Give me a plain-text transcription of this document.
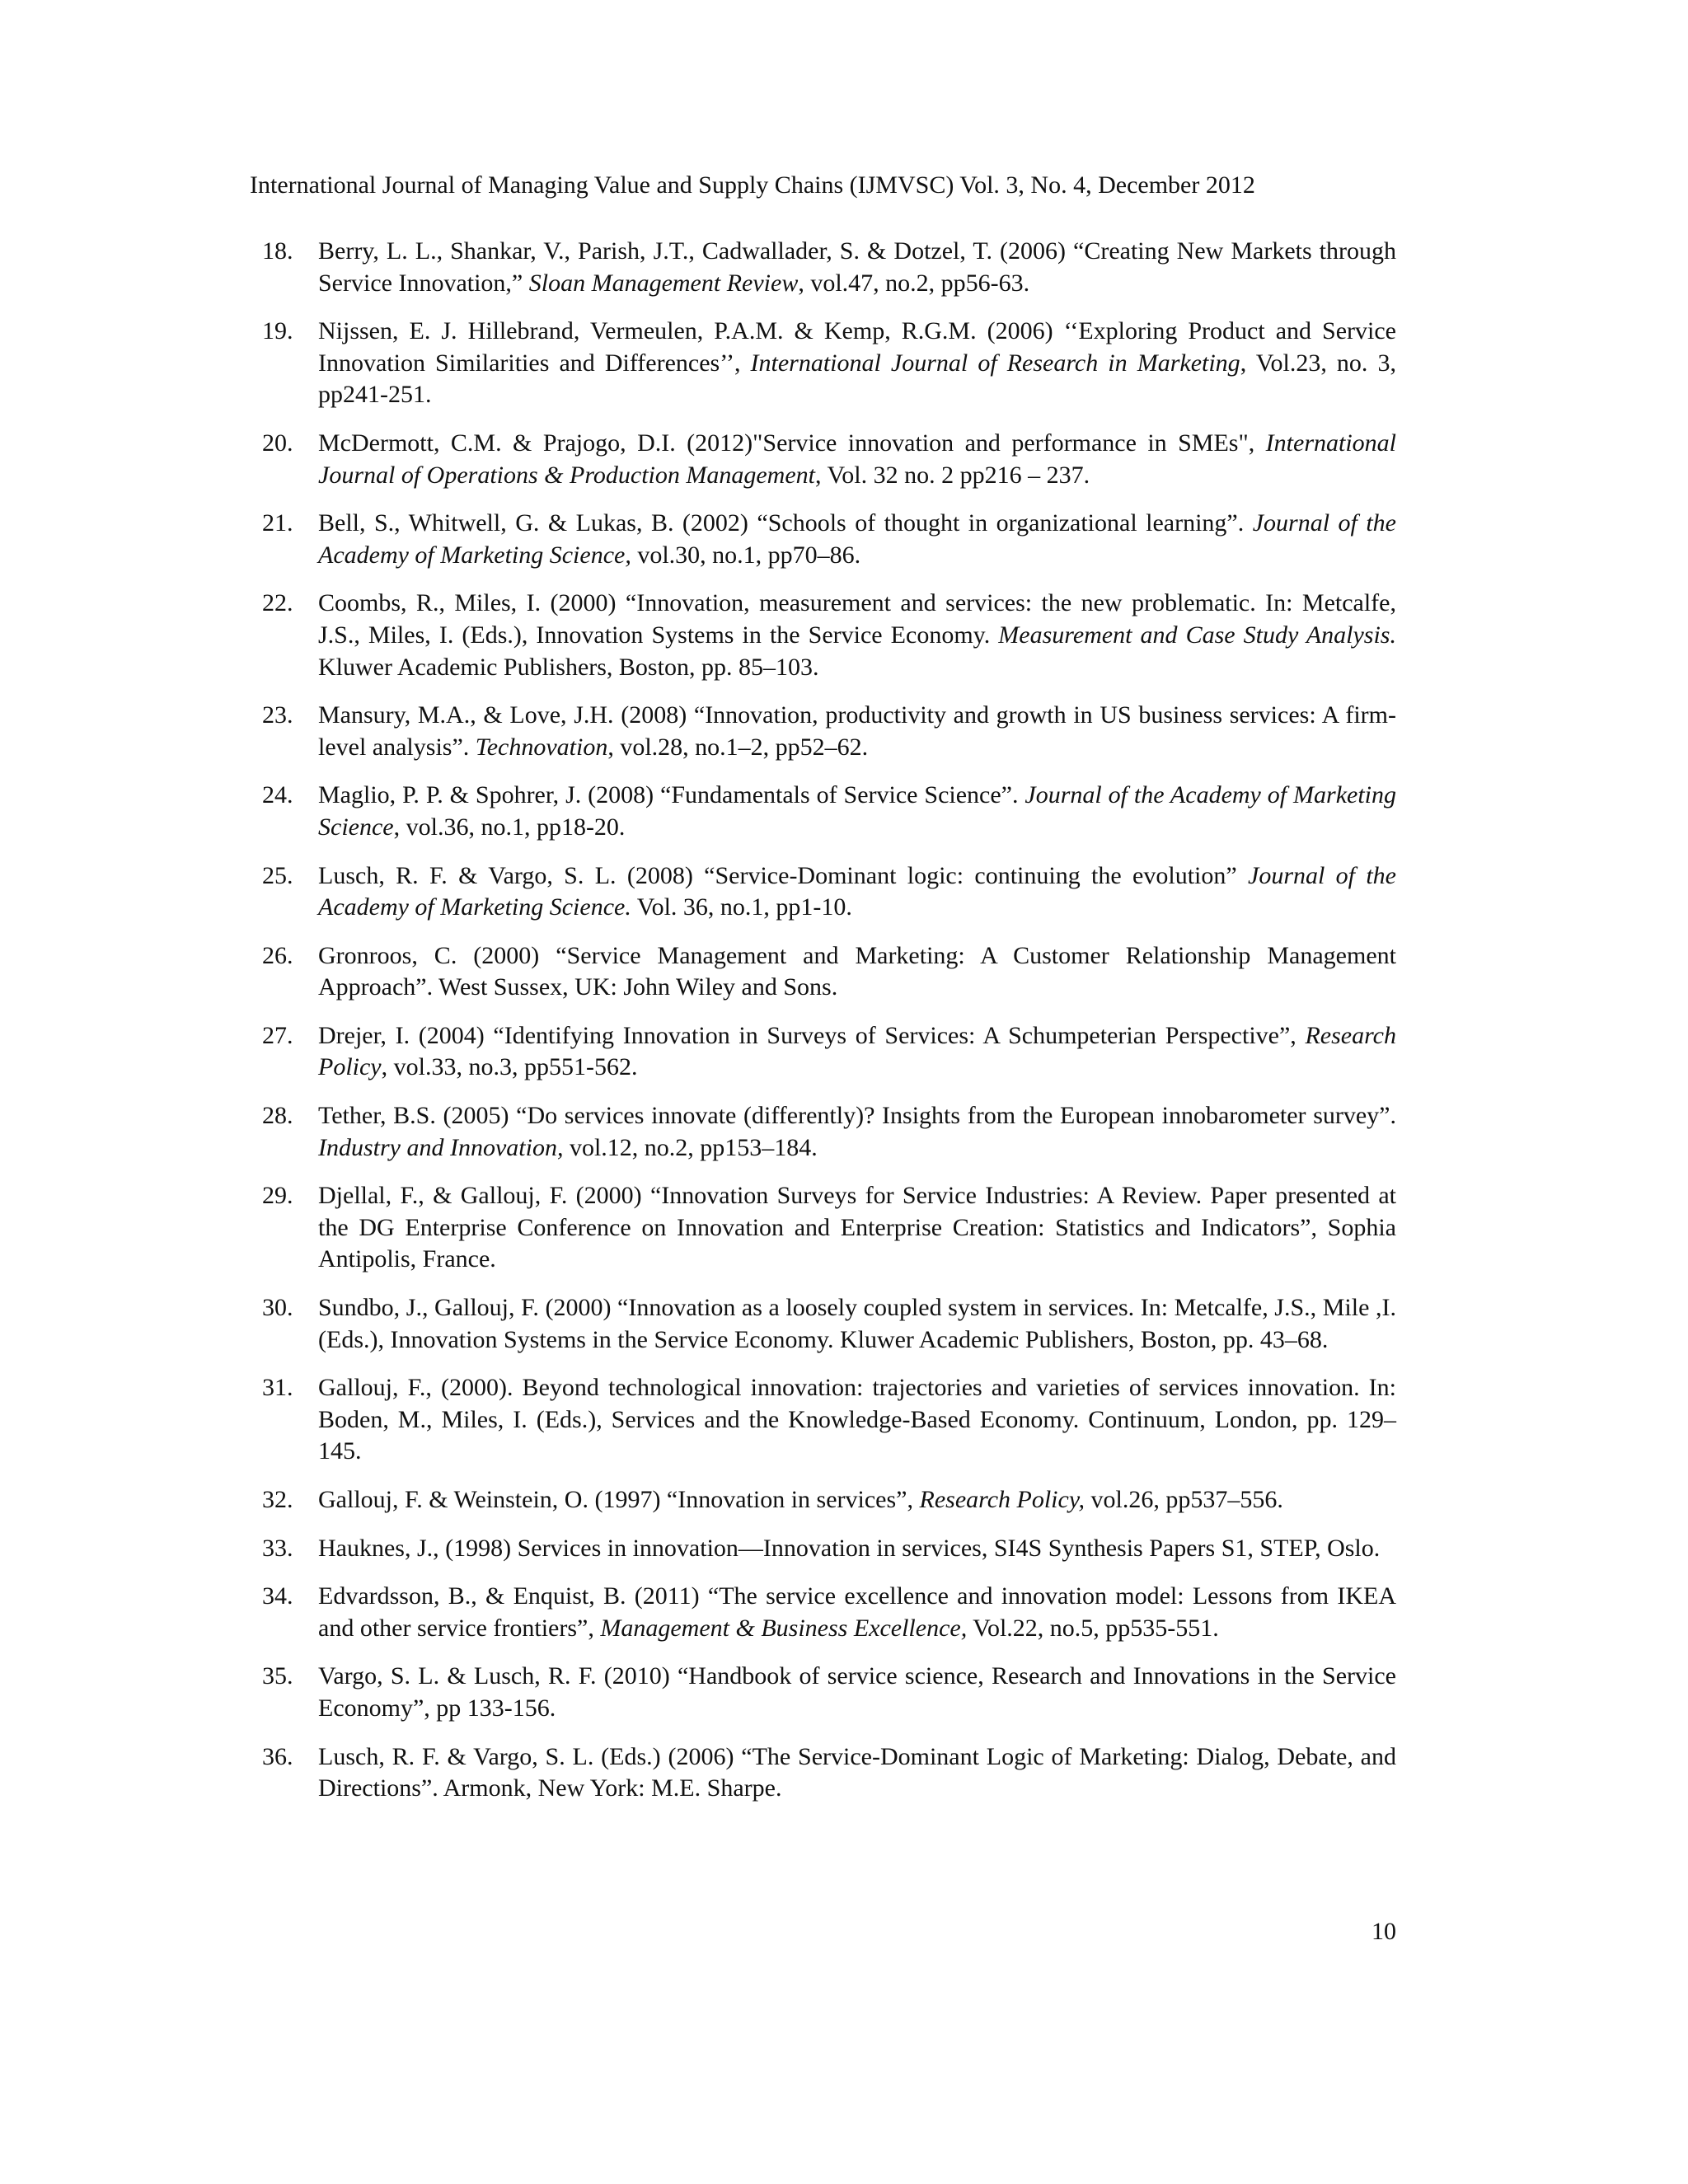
International Journal of Managing Value and Supply Chains (IJMVSC) Vol. 3, No. 4, December 2012
18.	Berry, L. L., Shankar, V., Parish, J.T., Cadwallader, S. & Dotzel, T. (2006) “Creating New Markets through Service Innovation,” Sloan Management Review, vol.47, no.2, pp56-63.
19.	Nijssen, E. J. Hillebrand, Vermeulen, P.A.M. & Kemp, R.G.M. (2006) ‘‘Exploring Product and Service Innovation Similarities and Differences’’, International Journal of Research in Marketing, Vol.23, no. 3, pp241-251.
20.	McDermott, C.M. & Prajogo, D.I. (2012)"Service innovation and performance in SMEs", International Journal of Operations & Production Management, Vol. 32 no. 2 pp216 – 237.
21.	Bell, S., Whitwell, G. & Lukas, B. (2002) “Schools of thought in organizational learning”. Journal of the Academy of Marketing Science, vol.30, no.1, pp70–86.
22.	Coombs, R., Miles, I. (2000) “Innovation, measurement and services: the new problematic. In: Metcalfe, J.S., Miles, I. (Eds.), Innovation Systems in the Service Economy. Measurement and Case Study Analysis. Kluwer Academic Publishers, Boston, pp. 85–103.
23.	Mansury, M.A., & Love, J.H. (2008) “Innovation, productivity and growth in US business services: A firm-level analysis”. Technovation, vol.28, no.1–2, pp52–62.
24.	Maglio, P. P. & Spohrer, J. (2008) “Fundamentals of Service Science”. Journal of the Academy of Marketing Science, vol.36, no.1, pp18-20.
25.	Lusch, R. F. & Vargo, S. L. (2008) “Service-Dominant logic: continuing the evolution” Journal of the Academy of Marketing Science. Vol. 36, no.1, pp1-10.
26.	Gronroos, C. (2000) “Service Management and Marketing: A Customer Relationship Management Approach”. West Sussex, UK: John Wiley and Sons.
27.	Drejer, I. (2004) “Identifying Innovation in Surveys of Services: A Schumpeterian Perspective”, Research Policy, vol.33, no.3, pp551-562.
28.	Tether, B.S. (2005) “Do services innovate (differently)? Insights from the European innobarometer survey”. Industry and Innovation, vol.12, no.2, pp153–184.
29.	Djellal, F., & Gallouj, F. (2000) “Innovation Surveys for Service Industries: A Review. Paper presented at the DG Enterprise Conference on Innovation and Enterprise Creation: Statistics and Indicators”, Sophia Antipolis, France.
30.	Sundbo, J., Gallouj, F. (2000) “Innovation as a loosely coupled system in services. In: Metcalfe, J.S., Mile ,I. (Eds.), Innovation Systems in the Service Economy. Kluwer Academic Publishers, Boston, pp. 43–68.
31.	Gallouj, F., (2000). Beyond technological innovation: trajectories and varieties of services innovation. In: Boden, M., Miles, I. (Eds.), Services and the Knowledge-Based Economy. Continuum, London, pp. 129–145.
32.	Gallouj, F. & Weinstein, O. (1997) “Innovation in services”, Research Policy, vol.26, pp537–556.
33.	Hauknes, J., (1998) Services in innovation—Innovation in services, SI4S Synthesis Papers S1, STEP, Oslo.
34.	Edvardsson, B., & Enquist, B. (2011) “The service excellence and innovation model: Lessons from IKEA and other service frontiers”, Management & Business Excellence, Vol.22, no.5, pp535-551.
35.	Vargo, S. L. & Lusch, R. F. (2010) “Handbook of service science, Research and Innovations in the Service Economy”, pp 133-156.
36.	Lusch, R. F. & Vargo, S. L. (Eds.) (2006) “The Service-Dominant Logic of Marketing: Dialog, Debate, and Directions”. Armonk, New York: M.E. Sharpe.
10
